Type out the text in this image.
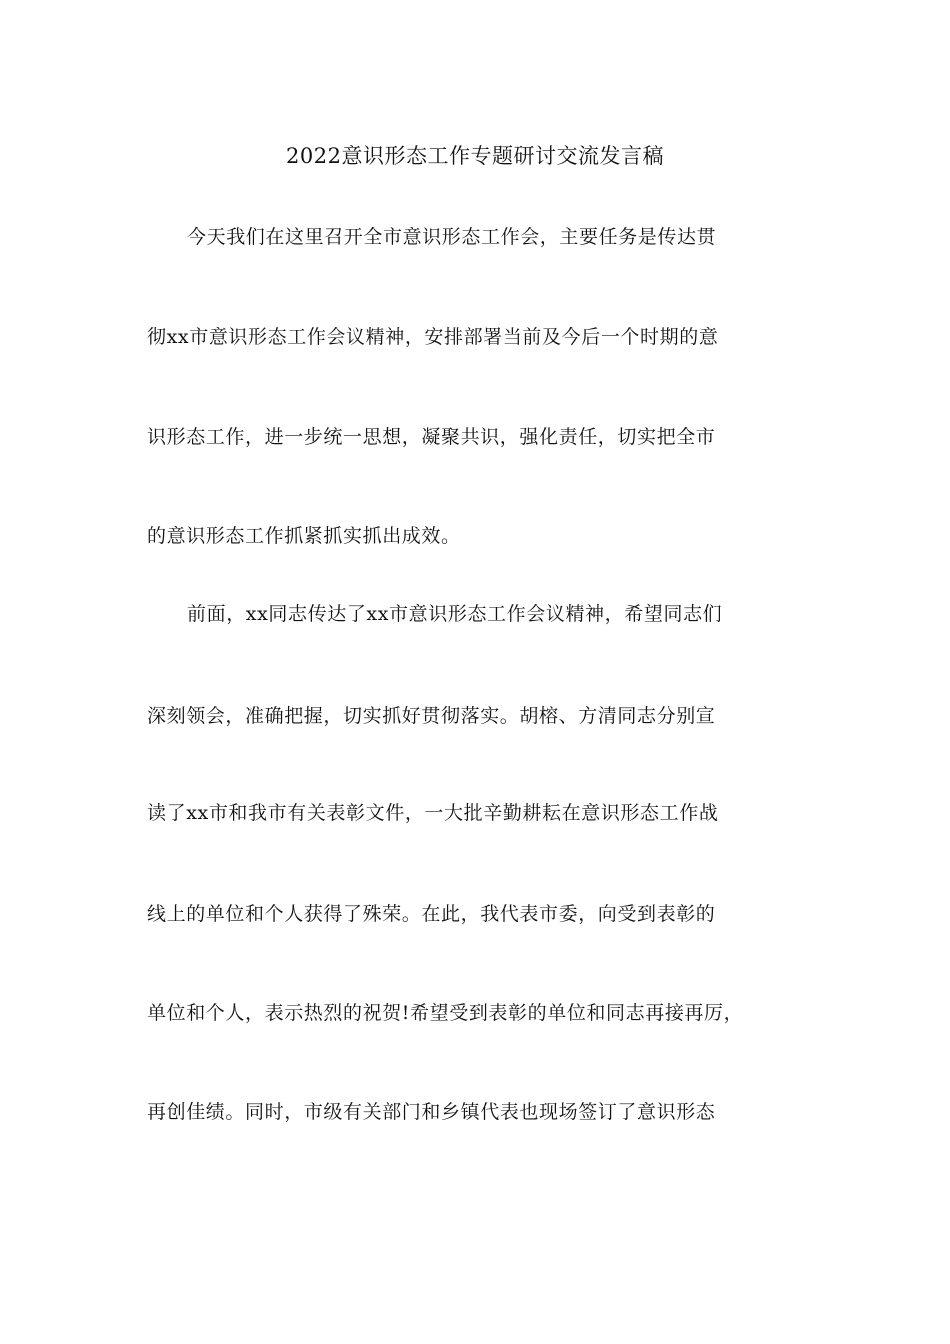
2022意识形态工作专题研讨交流发言稿
今天我们在这里召开全市意识形态工作会，主要任务是传达贯
彻xx市意识形态工作会议精神，安排部署当前及今后一个时期的意
识形态工作，进一步统一思想，凝聚共识，强化责任，切实把全市
的意识形态工作抓紧抓实抓出成效。
前面，xx同志传达了xx市意识形态工作会议精神，希望同志们
深刻领会，准确把握，切实抓好贯彻落实。胡榕、方清同志分别宣
读了xx市和我市有关表彰文件，一大批辛勤耕耘在意识形态工作战
线上的单位和个人获得了殊荣。在此，我代表市委，向受到表彰的
单位和个人，表示热烈的祝贺!希望受到表彰的单位和同志再接再厉，
再创佳绩。同时，市级有关部门和乡镇代表也现场签订了意识形态
